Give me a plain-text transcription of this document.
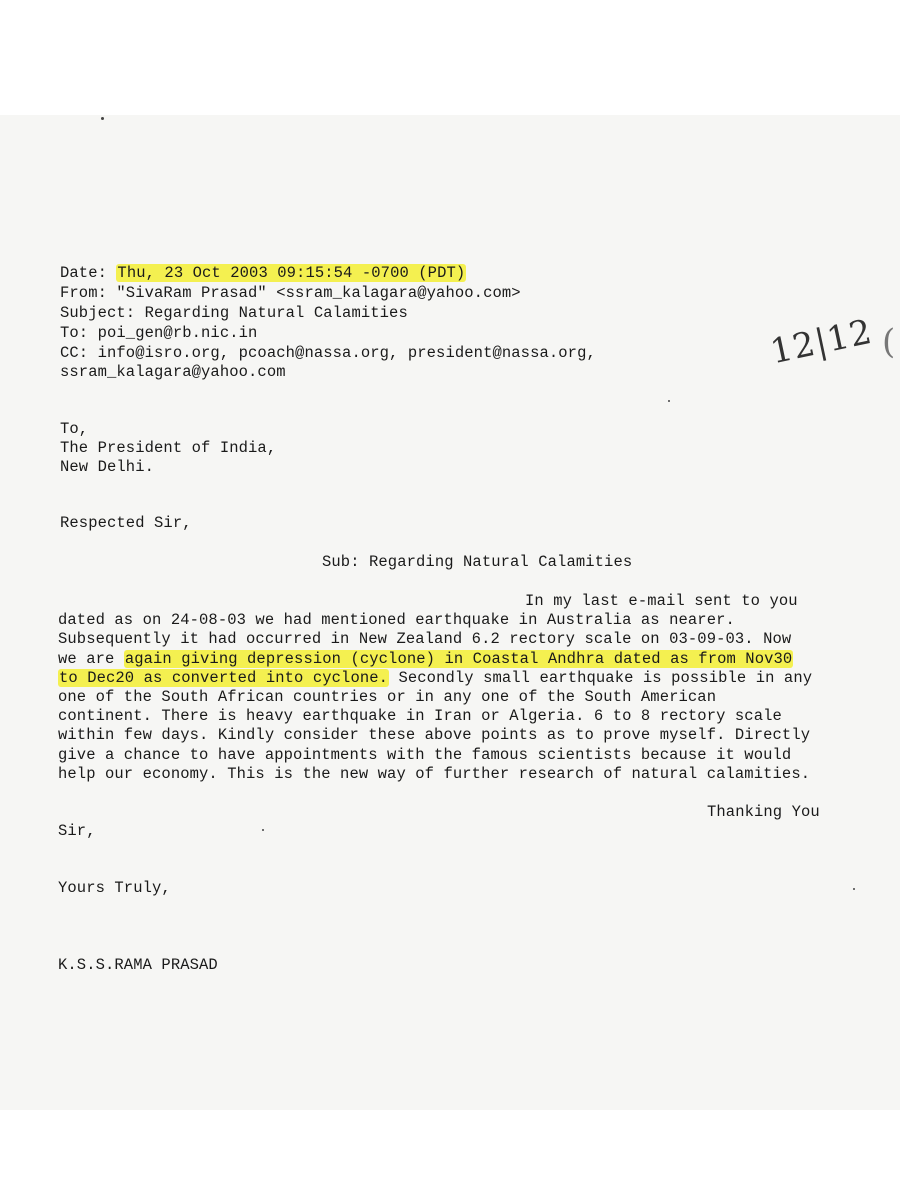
Date: Thu, 23 Oct 2003 09:15:54 -0700 (PDT)
From: "SivaRam Prasad" <ssram_kalagara@yahoo.com>
Subject: Regarding Natural Calamities
To: poi_gen@rb.nic.in
CC: info@isro.org, pcoach@nassa.org, president@nassa.org,
ssram_kalagara@yahoo.com	12|12 (
To,
The President of India,
New Delhi.
Respected Sir,
Sub: Regarding Natural Calamities
In my last e-mail sent to you
dated as on 24-08-03 we had mentioned earthquake in Australia as nearer.
Subsequently it had occurred in New Zealand 6.2 rectory scale on 03-09-03. Now
we are again giving depression (cyclone) in Coastal Andhra dated as from Nov30
to Dec20 as converted into cyclone. Secondly small earthquake is possible in any
one of the South African countries or in any one of the South American
continent. There is heavy earthquake in Iran or Algeria. 6 to 8 rectory scale
within few days. Kindly consider these above points as to prove myself. Directly
give a chance to have appointments with the famous scientists because it would
help our economy. This is the new way of further research of natural calamities.
Thanking You
Sir,
Yours Truly,
K.S.S.RAMA PRASAD
